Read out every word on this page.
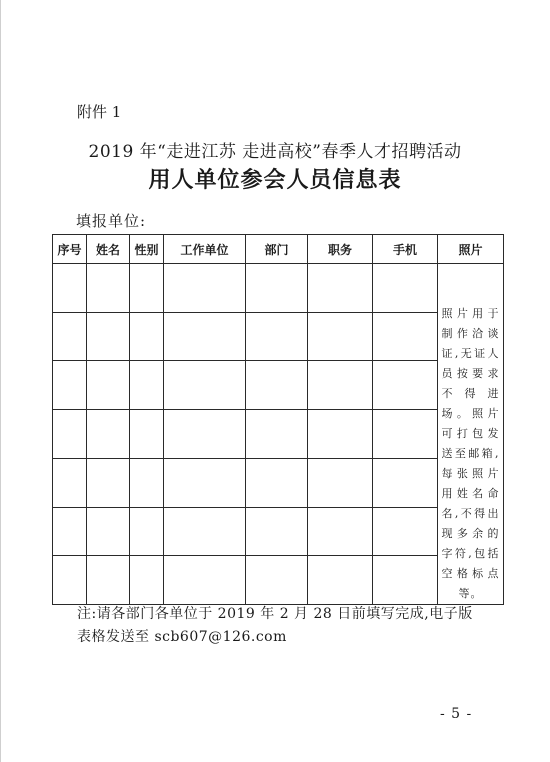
附件 1
2019 年“走进江苏 走进高校”春季人才招聘活动
用人单位参会人员信息表
填报单位:
序号	姓名	性别	工作单位	部门	职务	手机	照片
							照片用于制作洽谈证,无证人员按要求不得进场。照片可打包发送至邮箱,每张照片用姓名命名,不得出现多余的字符,包括空格标点等。

注:请各部门各单位于 2019 年 2 月 28 日前填写完成,电子版表格发送至 scb607@126.com
- 5 -
